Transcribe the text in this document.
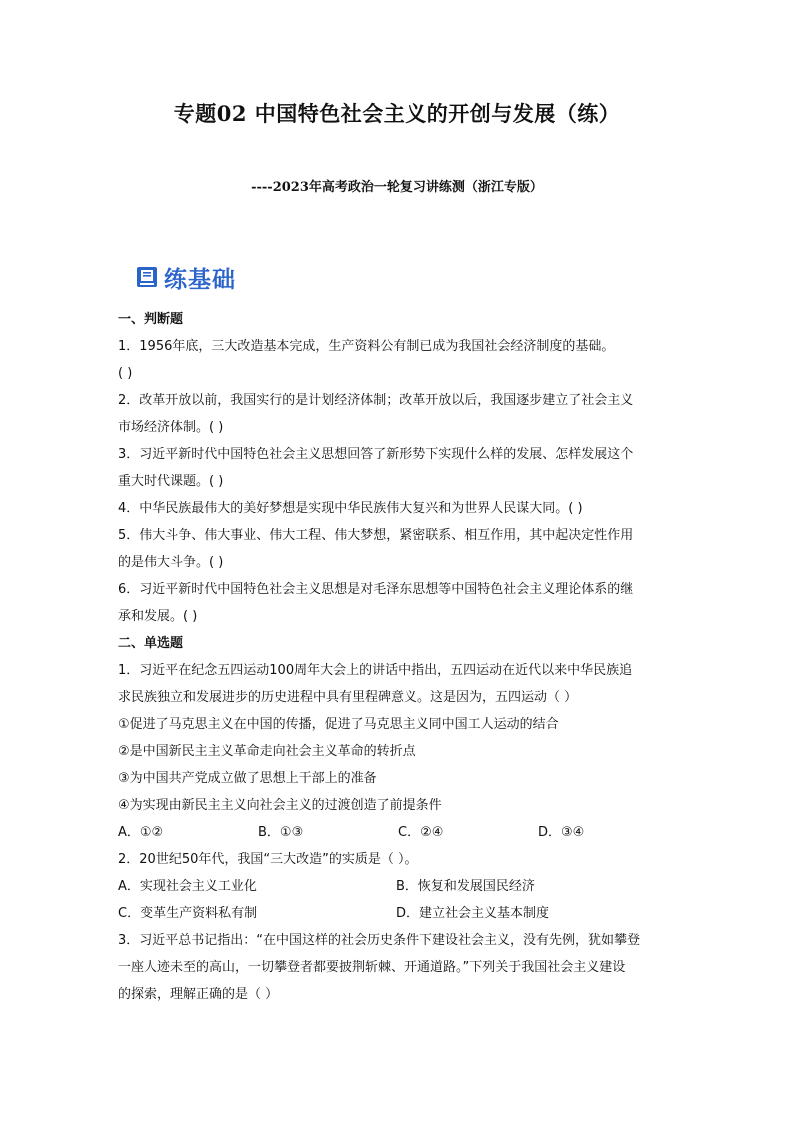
专题02 中国特色社会主义的开创与发展（练）
----2023年高考政治一轮复习讲练测（浙江专版）
练基础
一、判断题
1．1956年底，三大改造基本完成，生产资料公有制已成为我国社会经济制度的基础。
( )
2．改革开放以前，我国实行的是计划经济体制；改革开放以后，我国逐步建立了社会主义
市场经济体制。( )
3．习近平新时代中国特色社会主义思想回答了新形势下实现什么样的发展、怎样发展这个
重大时代课题。( )
4．中华民族最伟大的美好梦想是实现中华民族伟大复兴和为世界人民谋大同。( )
5．伟大斗争、伟大事业、伟大工程、伟大梦想，紧密联系、相互作用，其中起决定性作用
的是伟大斗争。( )
6．习近平新时代中国特色社会主义思想是对毛泽东思想等中国特色社会主义理论体系的继
承和发展。( )
二、单选题
1．习近平在纪念五四运动100周年大会上的讲话中指出，五四运动在近代以来中华民族追
求民族独立和发展进步的历史进程中具有里程碑意义。这是因为，五四运动（ ）
①促进了马克思主义在中国的传播，促进了马克思主义同中国工人运动的结合
②是中国新民主主义革命走向社会主义革命的转折点
③为中国共产党成立做了思想上干部上的准备
④为实现由新民主主义向社会主义的过渡创造了前提条件
A．①②	B．①③	C．②④	D．③④
2．20世纪50年代，我国“三大改造”的实质是（ ）。
A．实现社会主义工业化	B．恢复和发展国民经济
C．变革生产资料私有制	D．建立社会主义基本制度
3．习近平总书记指出：“在中国这样的社会历史条件下建设社会主义，没有先例，犹如攀登
一座人迹未至的高山，一切攀登者都要披荆斩棘、开通道路。”下列关于我国社会主义建设
的探索，理解正确的是（ ）
